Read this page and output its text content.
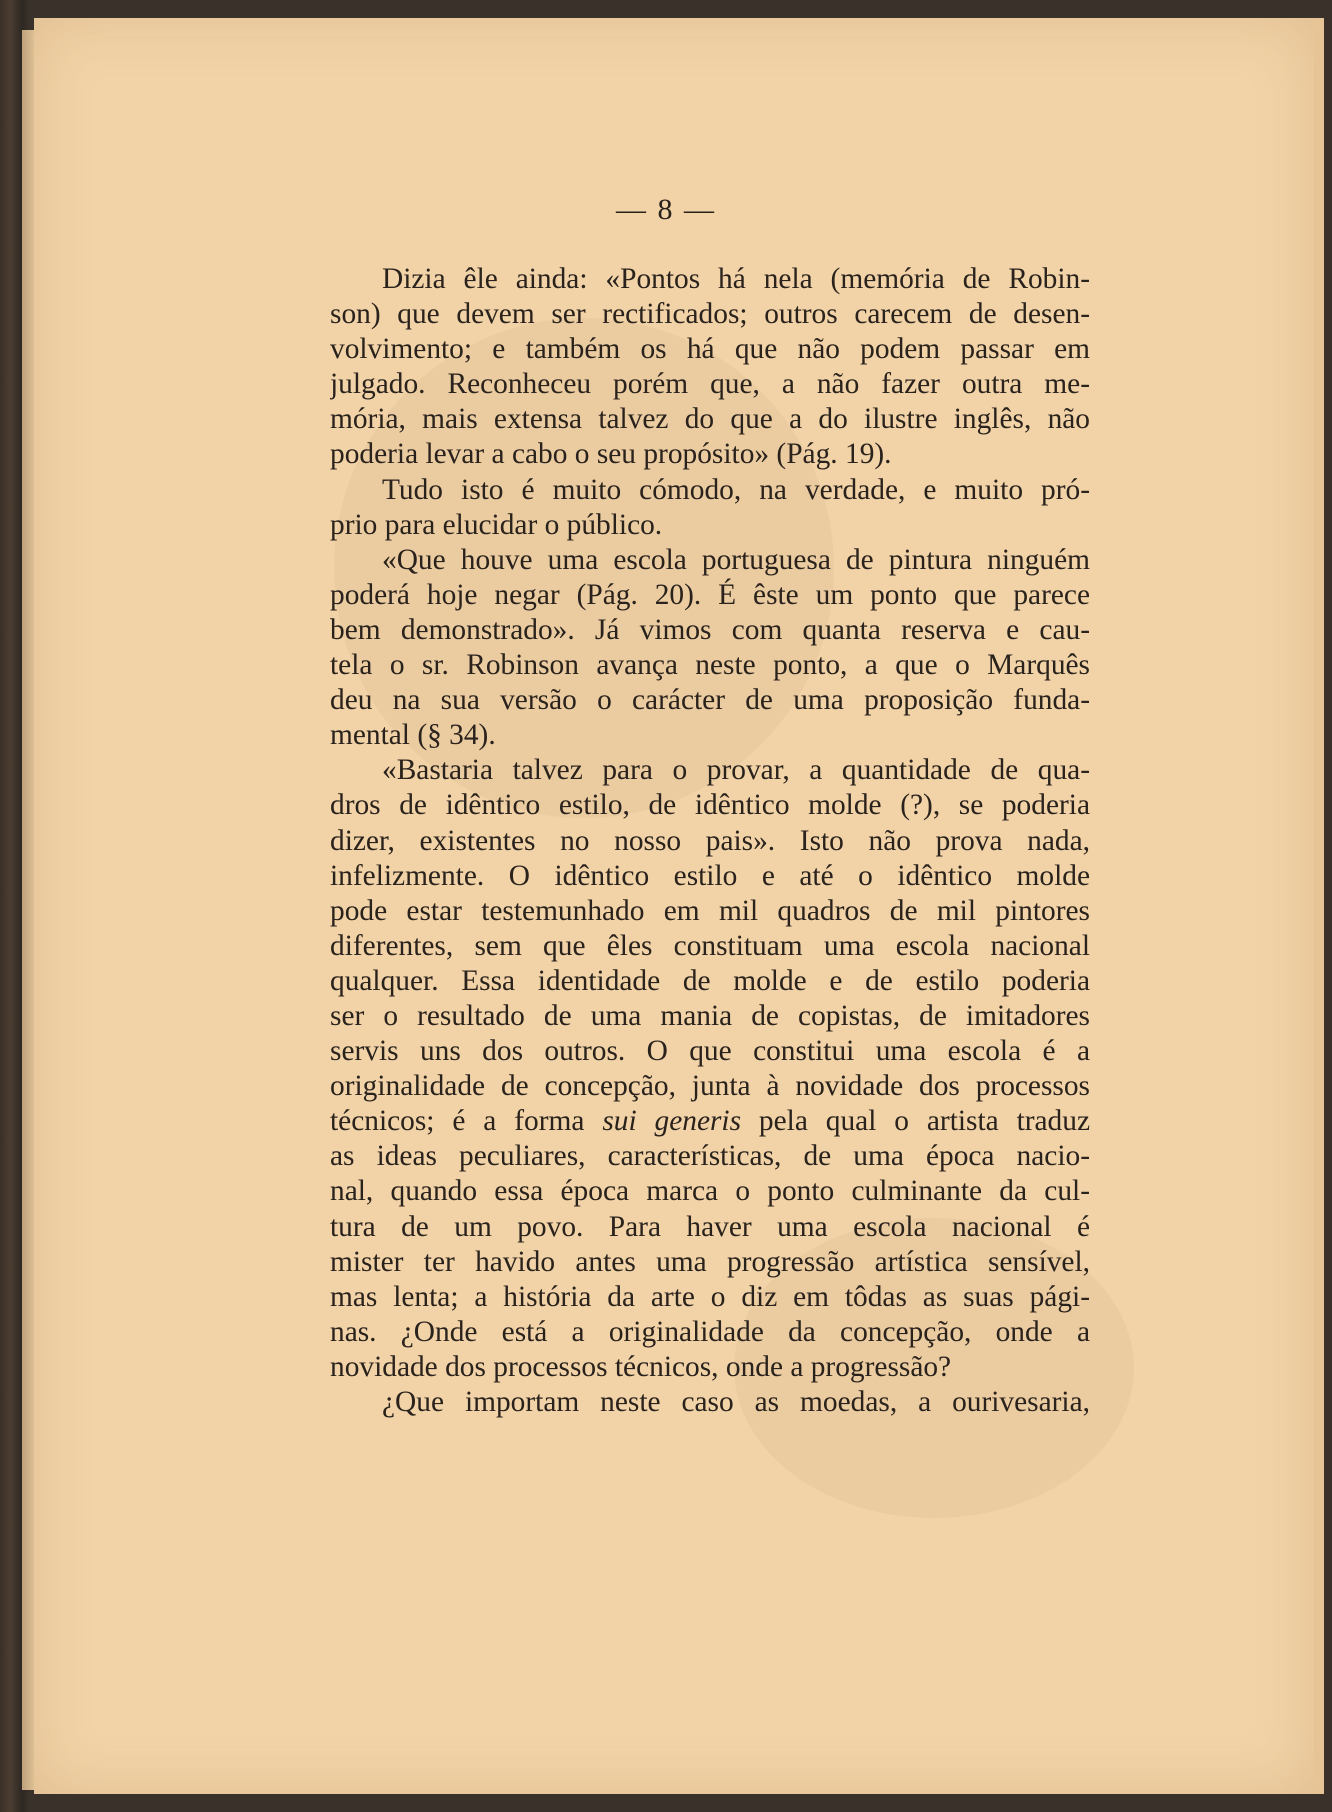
— 8 —
Dizia êle ainda: «Pontos há nela (memória de Robin-
son) que devem ser rectificados; outros carecem de desen-
volvimento; e também os há que não podem passar em
julgado. Reconheceu porém que, a não fazer outra me-
mória, mais extensa talvez do que a do ilustre inglês, não
poderia levar a cabo o seu propósito» (Pág. 19).
Tudo isto é muito cómodo, na verdade, e muito pró-
prio para elucidar o público.
«Que houve uma escola portuguesa de pintura ninguém
poderá hoje negar (Pág. 20). É êste um ponto que parece
bem demonstrado». Já vimos com quanta reserva e cau-
tela o sr. Robinson avança neste ponto, a que o Marquês
deu na sua versão o carácter de uma proposição funda-
mental (§ 34).
«Bastaria talvez para o provar, a quantidade de qua-
dros de idêntico estilo, de idêntico molde (?), se poderia
dizer, existentes no nosso pais». Isto não prova nada,
infelizmente. O idêntico estilo e até o idêntico molde
pode estar testemunhado em mil quadros de mil pintores
diferentes, sem que êles constituam uma escola nacional
qualquer. Essa identidade de molde e de estilo poderia
ser o resultado de uma mania de copistas, de imitadores
servis uns dos outros. O que constitui uma escola é a
originalidade de concepção, junta à novidade dos processos
técnicos; é a forma sui generis pela qual o artista traduz
as ideas peculiares, características, de uma época nacio-
nal, quando essa época marca o ponto culminante da cul-
tura de um povo. Para haver uma escola nacional é
mister ter havido antes uma progressão artística sensível,
mas lenta; a história da arte o diz em tôdas as suas pági-
nas. ¿Onde está a originalidade da concepção, onde a
novidade dos processos técnicos, onde a progressão?
¿Que importam neste caso as moedas, a ourivesaria,
